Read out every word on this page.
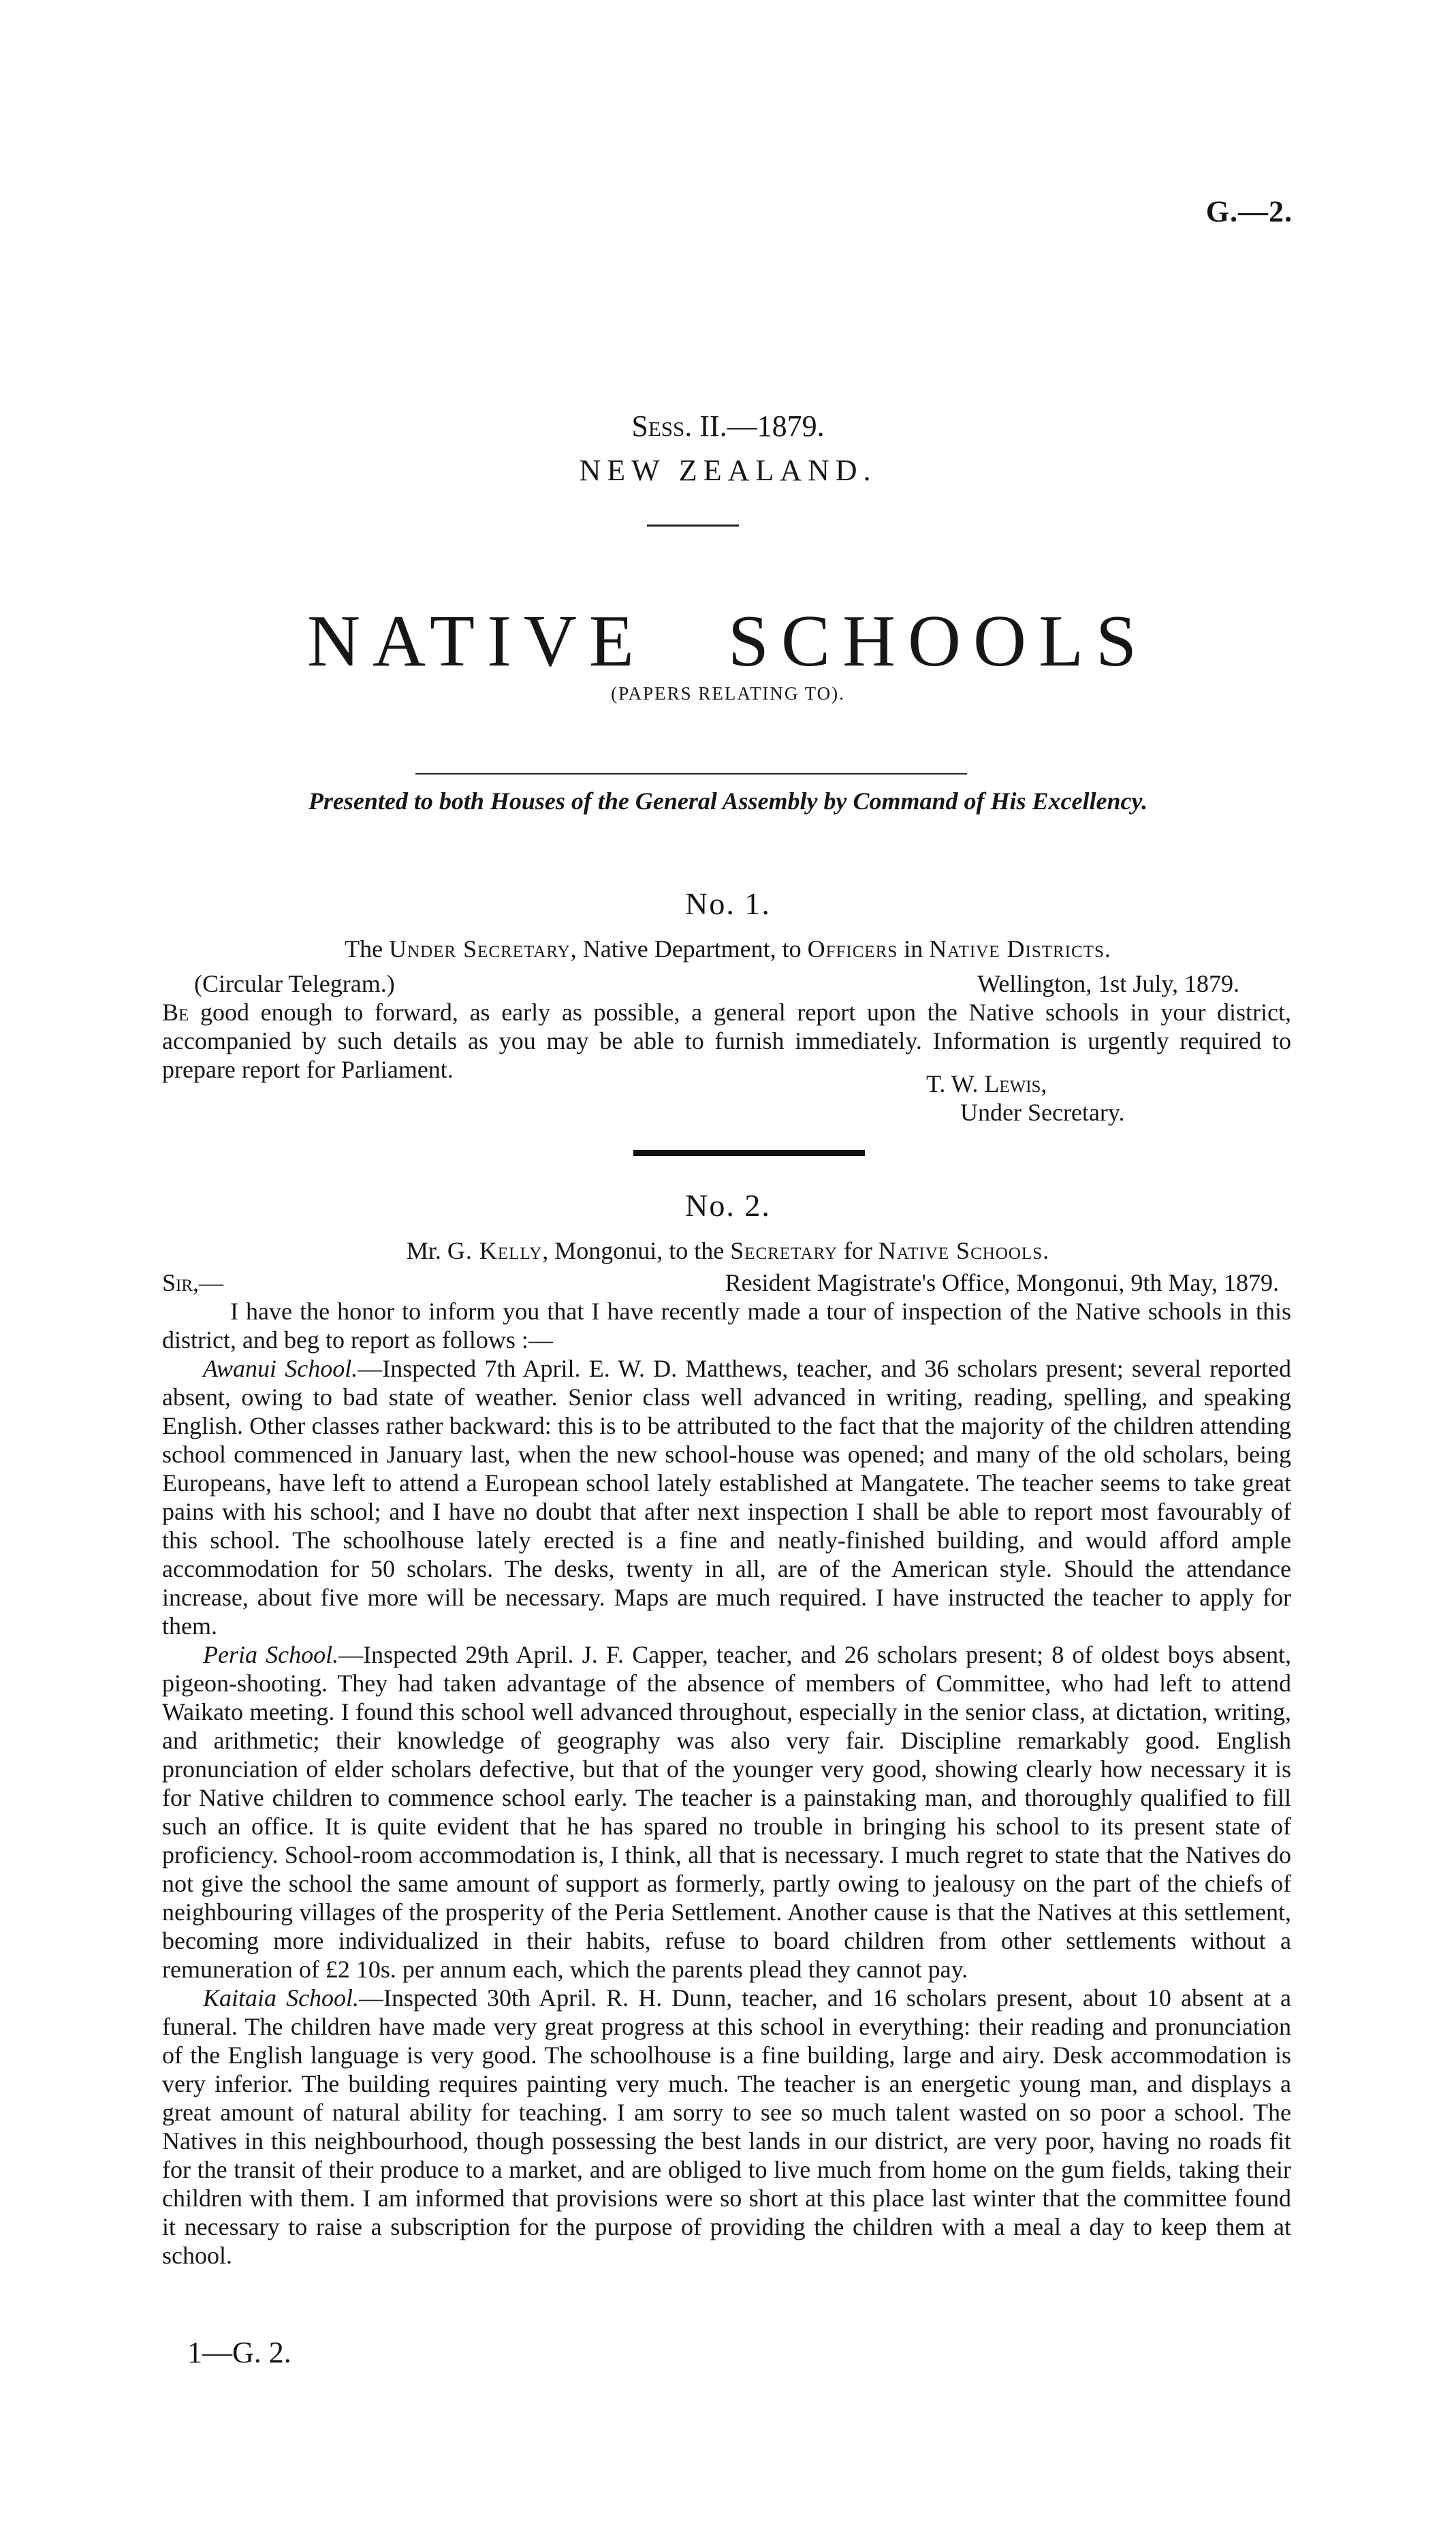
G.—2.
Sess. II.—1879.
NEW ZEALAND.
NATIVE SCHOOLS
(PAPERS RELATING TO).
Presented to both Houses of the General Assembly by Command of His Excellency.
No. 1.
The Under Secretary, Native Department, to Officers in Native Districts.
(Circular Telegram.)	Wellington, 1st July, 1879.

Be good enough to forward, as early as possible, a general report upon the Native schools in your district, accompanied by such details as you may be able to furnish immediately. Information is urgently required to prepare report for Parliament.

T. W. Lewis,
Under Secretary.
No. 2.
Mr. G. Kelly, Mongonui, to the Secretary for Native Schools.
Sir,—	Resident Magistrate's Office, Mongonui, 9th May, 1879.

I have the honor to inform you that I have recently made a tour of inspection of the Native schools in this district, and beg to report as follows :—

Awanui School.—Inspected 7th April. E. W. D. Matthews, teacher, and 36 scholars present; several reported absent, owing to bad state of weather. Senior class well advanced in writing, reading, spelling, and speaking English. Other classes rather backward: this is to be attributed to the fact that the majority of the children attending school commenced in January last, when the new school-house was opened; and many of the old scholars, being Europeans, have left to attend a European school lately established at Mangatete. The teacher seems to take great pains with his school; and I have no doubt that after next inspection I shall be able to report most favourably of this school. The schoolhouse lately erected is a fine and neatly-finished building, and would afford ample accommodation for 50 scholars. The desks, twenty in all, are of the American style. Should the attendance increase, about five more will be necessary. Maps are much required. I have instructed the teacher to apply for them.

Peria School.—Inspected 29th April. J. F. Capper, teacher, and 26 scholars present; 8 of oldest boys absent, pigeon-shooting. They had taken advantage of the absence of members of Committee, who had left to attend Waikato meeting. I found this school well advanced throughout, especially in the senior class, at dictation, writing, and arithmetic; their knowledge of geography was also very fair. Discipline remarkably good. English pronunciation of elder scholars defective, but that of the younger very good, showing clearly how necessary it is for Native children to commence school early. The teacher is a painstaking man, and thoroughly qualified to fill such an office. It is quite evident that he has spared no trouble in bringing his school to its present state of proficiency. School-room accommodation is, I think, all that is necessary. I much regret to state that the Natives do not give the school the same amount of support as formerly, partly owing to jealousy on the part of the chiefs of neighbouring villages of the prosperity of the Peria Settlement. Another cause is that the Natives at this settlement, becoming more individualized in their habits, refuse to board children from other settlements without a remuneration of £2 10s. per annum each, which the parents plead they cannot pay.

Kaitaia School.—Inspected 30th April. R. H. Dunn, teacher, and 16 scholars present, about 10 absent at a funeral. The children have made very great progress at this school in everything: their reading and pronunciation of the English language is very good. The schoolhouse is a fine building, large and airy. Desk accommodation is very inferior. The building requires painting very much. The teacher is an energetic young man, and displays a great amount of natural ability for teaching. I am sorry to see so much talent wasted on so poor a school. The Natives in this neighbourhood, though possessing the best lands in our district, are very poor, having no roads fit for the transit of their produce to a market, and are obliged to live much from home on the gum fields, taking their children with them. I am informed that provisions were so short at this place last winter that the committee found it necessary to raise a subscription for the purpose of providing the children with a meal a day to keep them at school.

1—G. 2.
